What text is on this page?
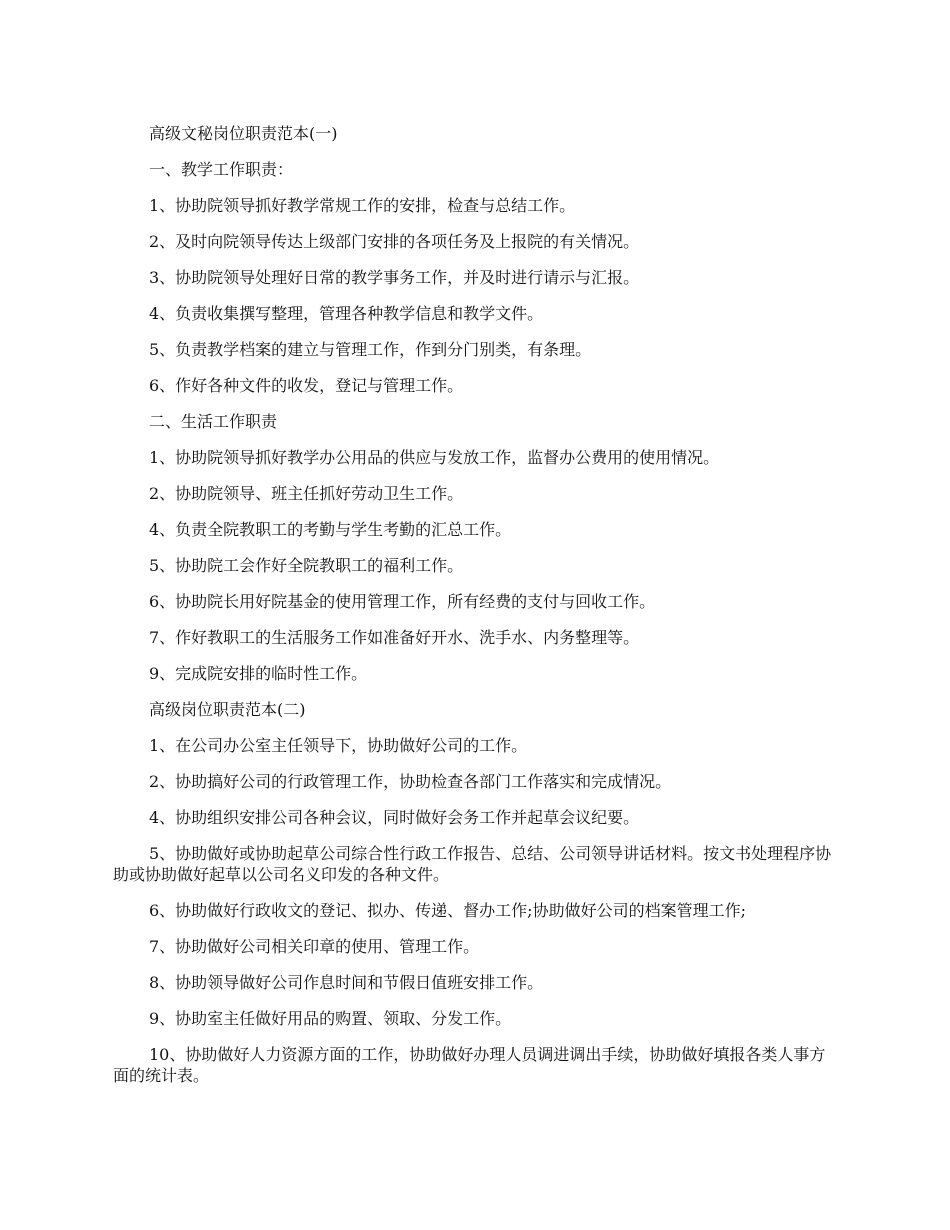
高级文秘岗位职责范本(一)

一、教学工作职责：

1、协助院领导抓好教学常规工作的安排，检查与总结工作。

2、及时向院领导传达上级部门安排的各项任务及上报院的有关情况。

3、协助院领导处理好日常的教学事务工作，并及时进行请示与汇报。

4、负责收集撰写整理，管理各种教学信息和教学文件。

5、负责教学档案的建立与管理工作，作到分门别类，有条理。

6、作好各种文件的收发，登记与管理工作。

二、生活工作职责

1、协助院领导抓好教学办公用品的供应与发放工作，监督办公费用的使用情况。

2、协助院领导、班主任抓好劳动卫生工作。

4、负责全院教职工的考勤与学生考勤的汇总工作。

5、协助院工会作好全院教职工的福利工作。

6、协助院长用好院基金的使用管理工作，所有经费的支付与回收工作。

7、作好教职工的生活服务工作如准备好开水、洗手水、内务整理等。

9、完成院安排的临时性工作。

高级岗位职责范本(二)

1、在公司办公室主任领导下，协助做好公司的工作。

2、协助搞好公司的行政管理工作，协助检查各部门工作落实和完成情况。

4、协助组织安排公司各种会议，同时做好会务工作并起草会议纪要。

5、协助做好或协助起草公司综合性行政工作报告、总结、公司领导讲话材料。按文书处理程序协助或协助做好起草以公司名义印发的各种文件。

6、协助做好行政收文的登记、拟办、传递、督办工作;协助做好公司的档案管理工作;

7、协助做好公司相关印章的使用、管理工作。

8、协助领导做好公司作息时间和节假日值班安排工作。

9、协助室主任做好用品的购置、领取、分发工作。

10、协助做好人力资源方面的工作，协助做好办理人员调进调出手续，协助做好填报各类人事方面的统计表。
